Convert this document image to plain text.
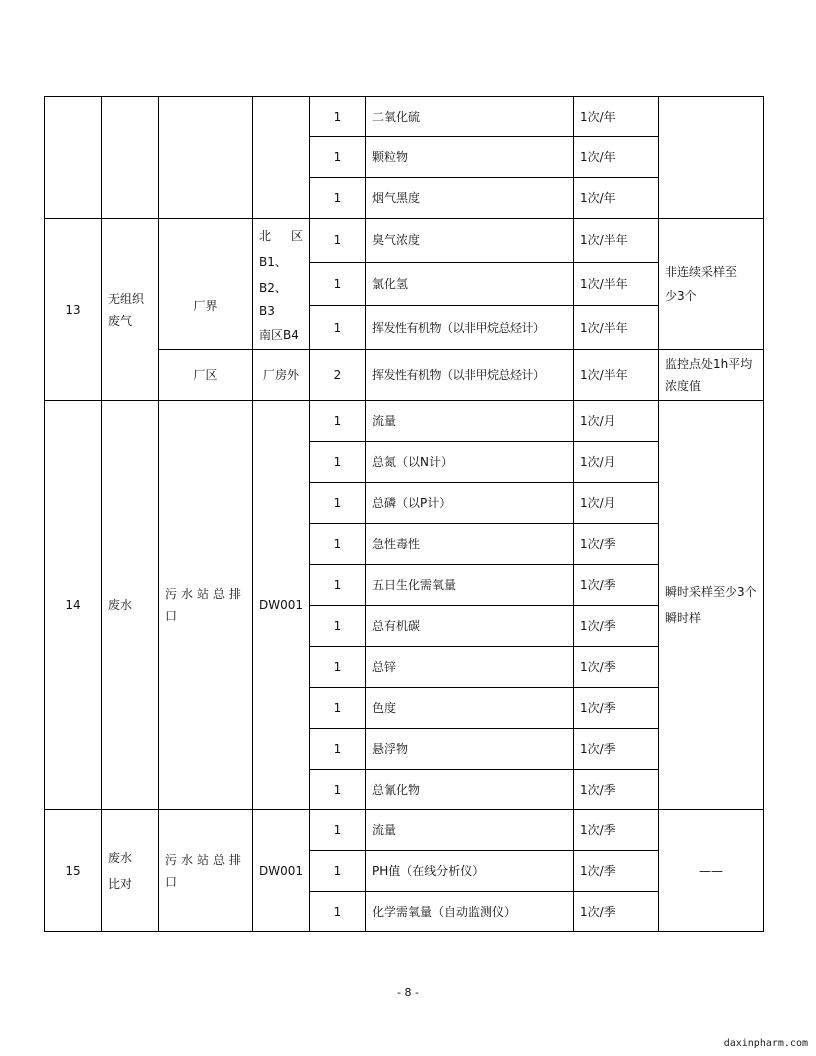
				1	二氧化硫	1次/年	
				1	颗粒物	1次/年	
				1	烟气黑度	1次/年	
13	无组织废气	厂界	北　区
B1、B2、
B3
南区B4	1	臭气浓度	1次/半年	非连续采样至少3个

				1	氯化氢	1次/半年	
				1	挥发性有机物（以非甲烷总烃计）	1次/半年	
		厂区	厂房外	2	挥发性有机物（以非甲烷总烃计）	1次/半年	监控点处1h平均浓度值

14	废水	污水站总排口	DW001	1	流量	1次/月	瞬时采样至少3个瞬时样

				1	总氮（以N计）	1次/月	
				1	总磷（以P计）	1次/月	
				1	急性毒性	1次/季	
				1	五日生化需氧量	1次/季	
				1	总有机碳	1次/季	
				1	总锌	1次/季	
				1	色度	1次/季	
				1	悬浮物	1次/季	
				1	总氰化物	1次/季	
15	废水比对	污水站总排口	DW001	1	流量	1次/季	——
				1	PH值（在线分析仪）	1次/季	
				1	化学需氧量（自动监测仪）	1次/季	
- 8 -
daxinpharm.com
